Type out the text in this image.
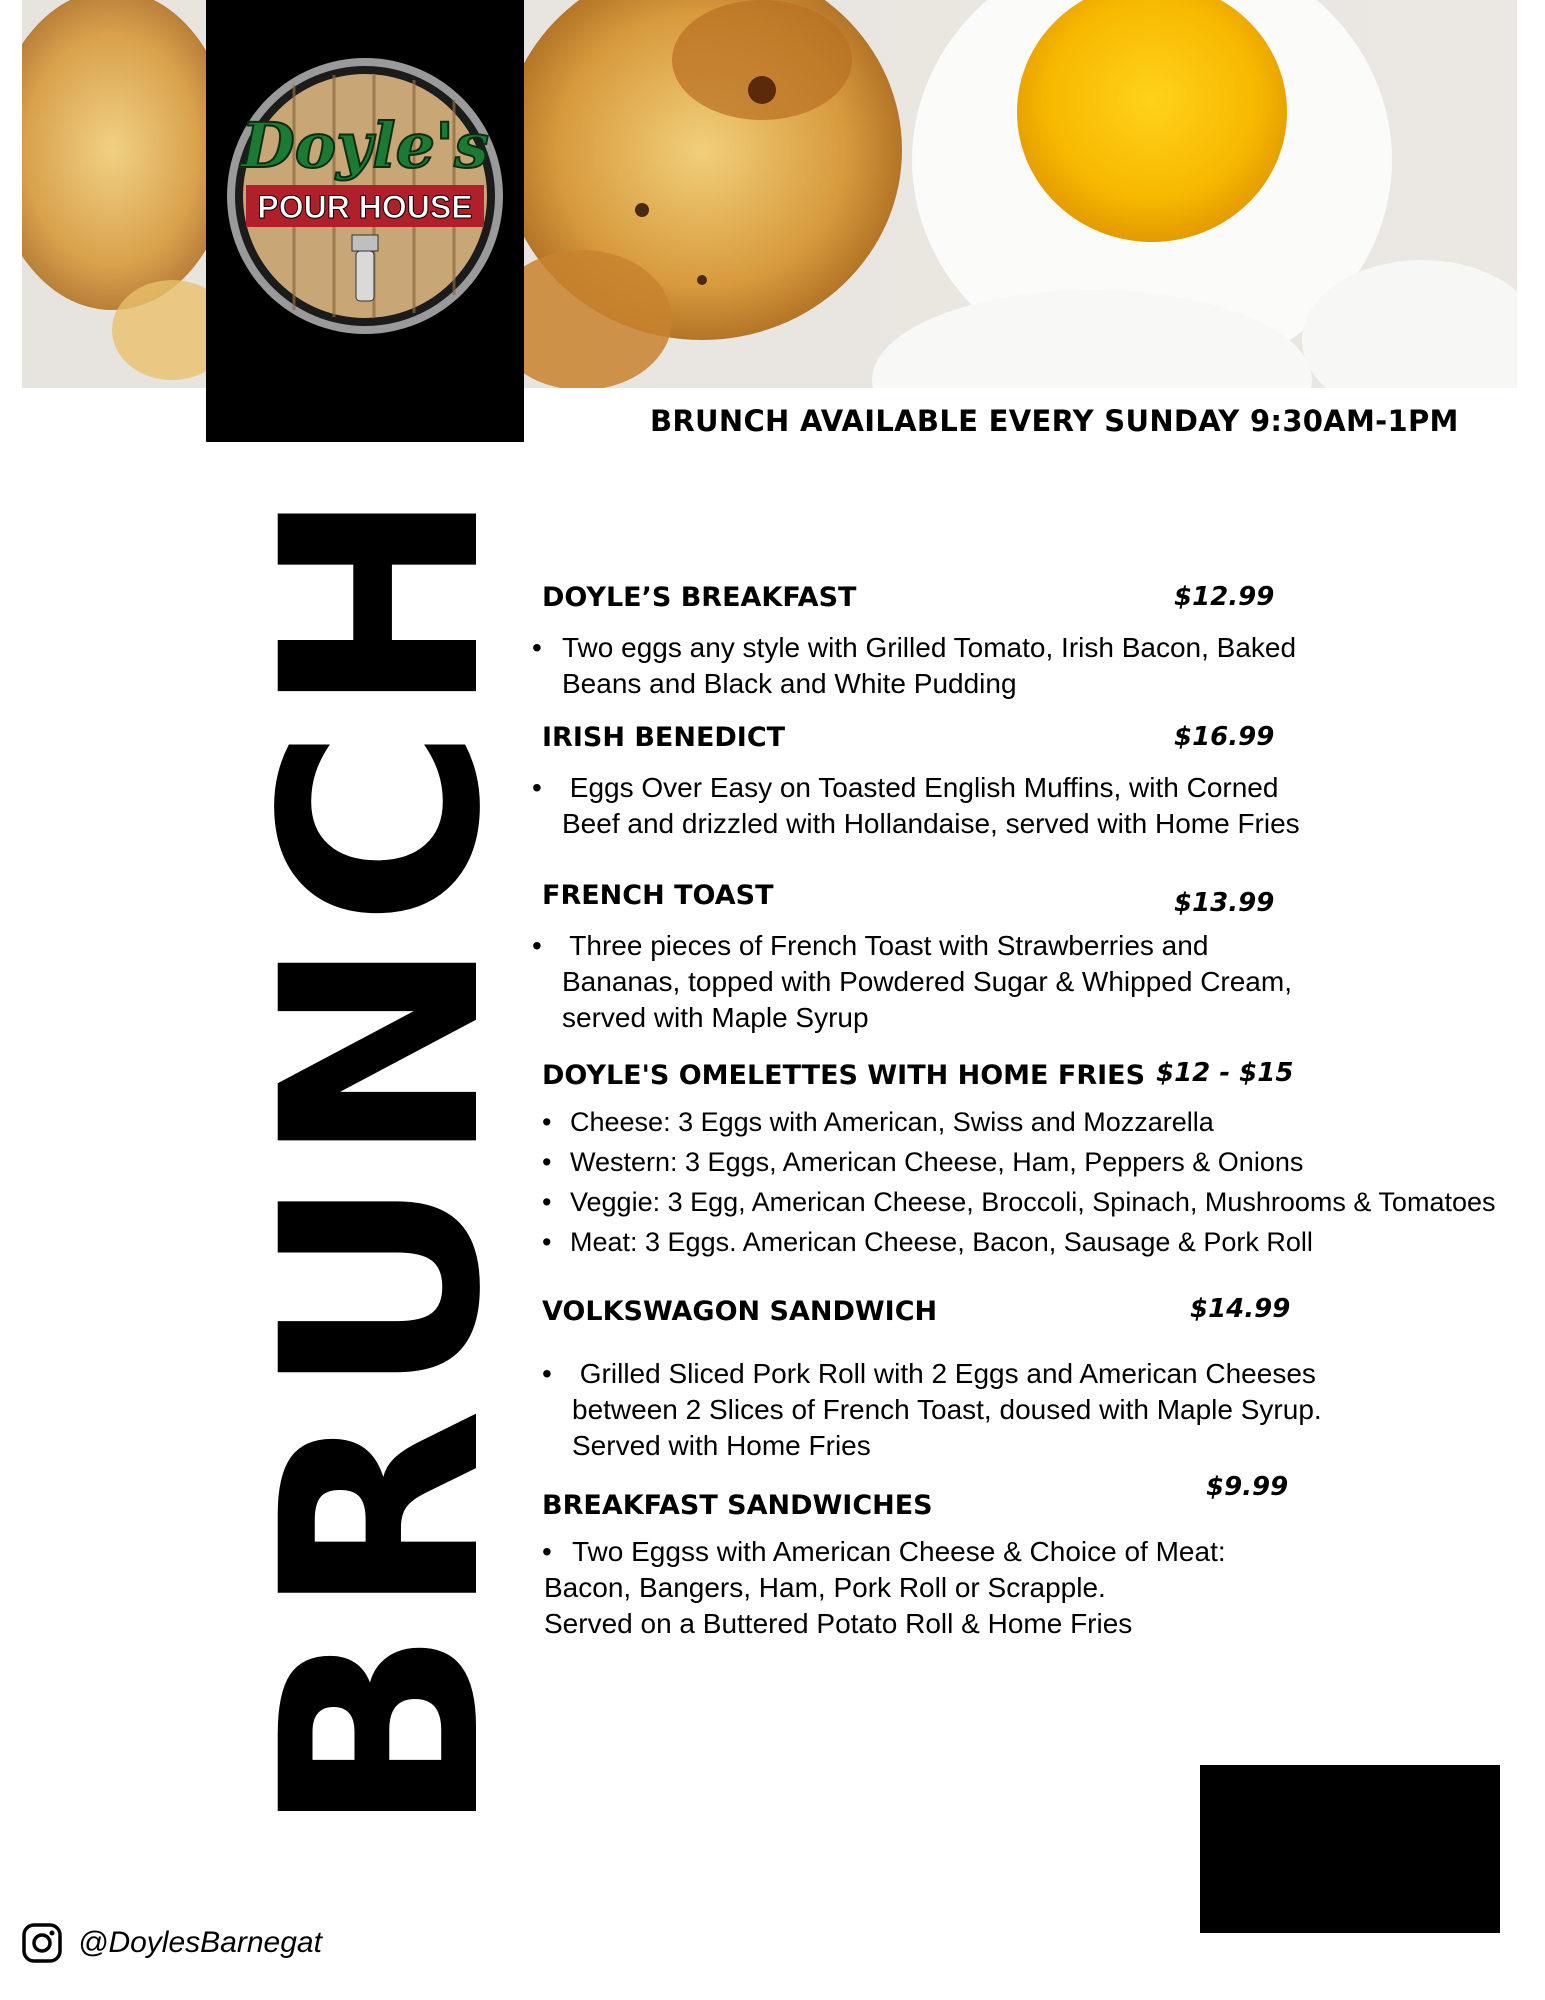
Doyle's
POUR HOUSE
BRUNCH AVAILABLE EVERY SUNDAY 9:30AM-1PM
BRUNCH DOYLE’S BREAKFAST	$12.99
• Two eggs any style with Grilled Tomato, Irish Bacon, Baked
Beans and Black and White Pudding
IRISH BENEDICT	$16.99
•  Eggs Over Easy on Toasted English Muffins, with Corned
Beef and drizzled with Hollandaise, served with Home Fries
FRENCH TOAST	$13.99
•  Three pieces of French Toast with Strawberries and
Bananas, topped with Powdered Sugar & Whipped Cream,
served with Maple Syrup
DOYLE'S OMELETTES WITH HOME FRIES $12 - $15
• Cheese: 3 Eggs with American, Swiss and Mozzarella
• Western: 3 Eggs, American Cheese, Ham, Peppers & Onions
• Veggie: 3 Egg, American Cheese, Broccoli, Spinach, Mushrooms & Tomatoes
• Meat: 3 Eggs. American Cheese, Bacon, Sausage & Pork Roll
VOLKSWAGON SANDWICH	$14.99
•  Grilled Sliced Pork Roll with 2 Eggs and American Cheeses
between 2 Slices of French Toast, doused with Maple Syrup.
Served with Home Fries
BREAKFAST SANDWICHES
$9.99
• Two Eggss with American Cheese & Choice of Meat:
Bacon, Bangers, Ham, Pork Roll or Scrapple.
Served on a Buttered Potato Roll & Home Fries
@DoylesBarnegat
